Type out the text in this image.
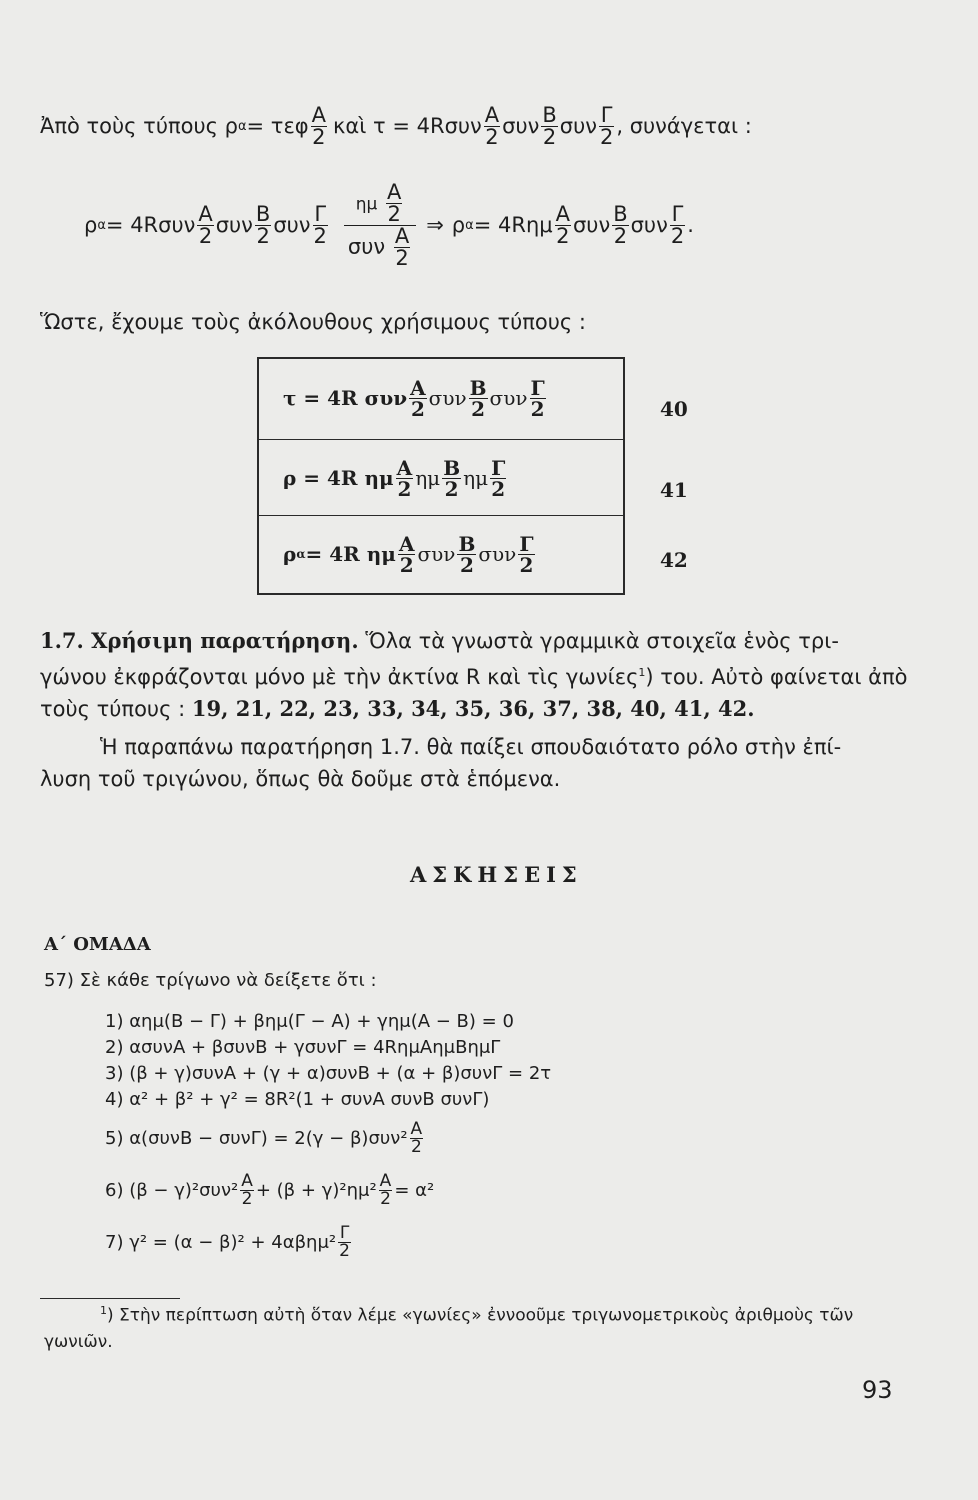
Ἀπὸ τοὺς τύπους ρ α = τεφ $\frac{A}{2}$ καὶ $\tau = 4R\sigma\upsilon\nu \frac{A}{2}$ συν $\frac{B}{2}$ συν $\frac{\Gamma}{2}$ , συνάγεται :
ρ $\alpha = 4R\sigma\upsilon\nu \frac{A}{2}$ συν $\frac{B}{2}$ συν $\frac{\Gamma}{2} \frac{\eta\mu \frac{A}{2}}{\sigma\upsilon\nu \frac{A}{2}}$ ⇒ ρ $\alpha = 4R\eta\mu \frac{A}{2}$ συν $\frac{B}{2}$ συν $\frac{\Gamma}{2}$ .
Ὥστε, ἔχουμε τοὺς ἀκόλουθους χρήσιμους τύπους :
τ = 4R συν $\frac{A}{2}$ συν $\frac{B}{2}$ συν $\frac{\Gamma}{2}$
ρ = 4R ημ $\frac{A}{2}$ ημ $\frac{B}{2}$ ημ $\frac{\Gamma}{2}$
ρ α = 4R ημ $\frac{A}{2}$ συν $\frac{B}{2}$ συν $\frac{\Gamma}{2}$
40
41
42
1.7. Χρήσιμη παρατήρηση. Ὅλα τὰ γνωστὰ γραμμικὰ στοιχεῖα ἑνὸς τρι-
γώνου ἐκφράζονται μόνο μὲ τὴν ἀκτίνα R καὶ τὶς γωνίες$^1$) του. Αὐτὸ φαίνεται ἀπὸ
τοὺς τύπους : 19, 21, 22, 23, 33, 34, 35, 36, 37, 38, 40, 41, 42.
Ἡ παραπάνω παρατήρηση 1.7. θὰ παίξει σπουδαιότατο ρόλο στὴν ἐπί-
λυση τοῦ τριγώνου, ὅπως θὰ δοῦμε στὰ ἑπόμενα.
ΑΣΚΗΣΕΙΣ
Α΄ ΟΜΑΔΑ
57) Σὲ κάθε τρίγωνο νὰ δείξετε ὅτι :
1) αημ(B − Γ) + βημ(Γ − A) + γημ(A − B) = 0
2) ασυνA + βσυνB + γσυνΓ = 4RημAημBημΓ
3) (β + γ)συνA + (γ + α)συνB + (α + β)συνΓ = 2τ
4) α² + β² + γ² = 8R²(1 + συνA συνB συνΓ)
5) $\alpha(\sigma\upsilon\nu B - \sigma\upsilon\nu\Gamma) = 2(\gamma - \beta)\sigma\upsilon\nu^2 \frac{A}{2}$
6) $(\beta - \gamma)^2\sigma\upsilon\nu^2 \frac{A}{2} + (\beta + \gamma)^2\eta\mu^2 \frac{A}{2} = \alpha^2$
7) $\gamma^2 = (\alpha - \beta)^2 + 4\alpha\beta\eta\mu^2 \frac{\Gamma}{2}$
$^1$) Στὴν περίπτωση αὐτὴ ὅταν λέμε «γωνίες» ἐννοοῦμε τριγωνομετρικοὺς ἀριθμοὺς τῶν
γωνιῶν.
93
